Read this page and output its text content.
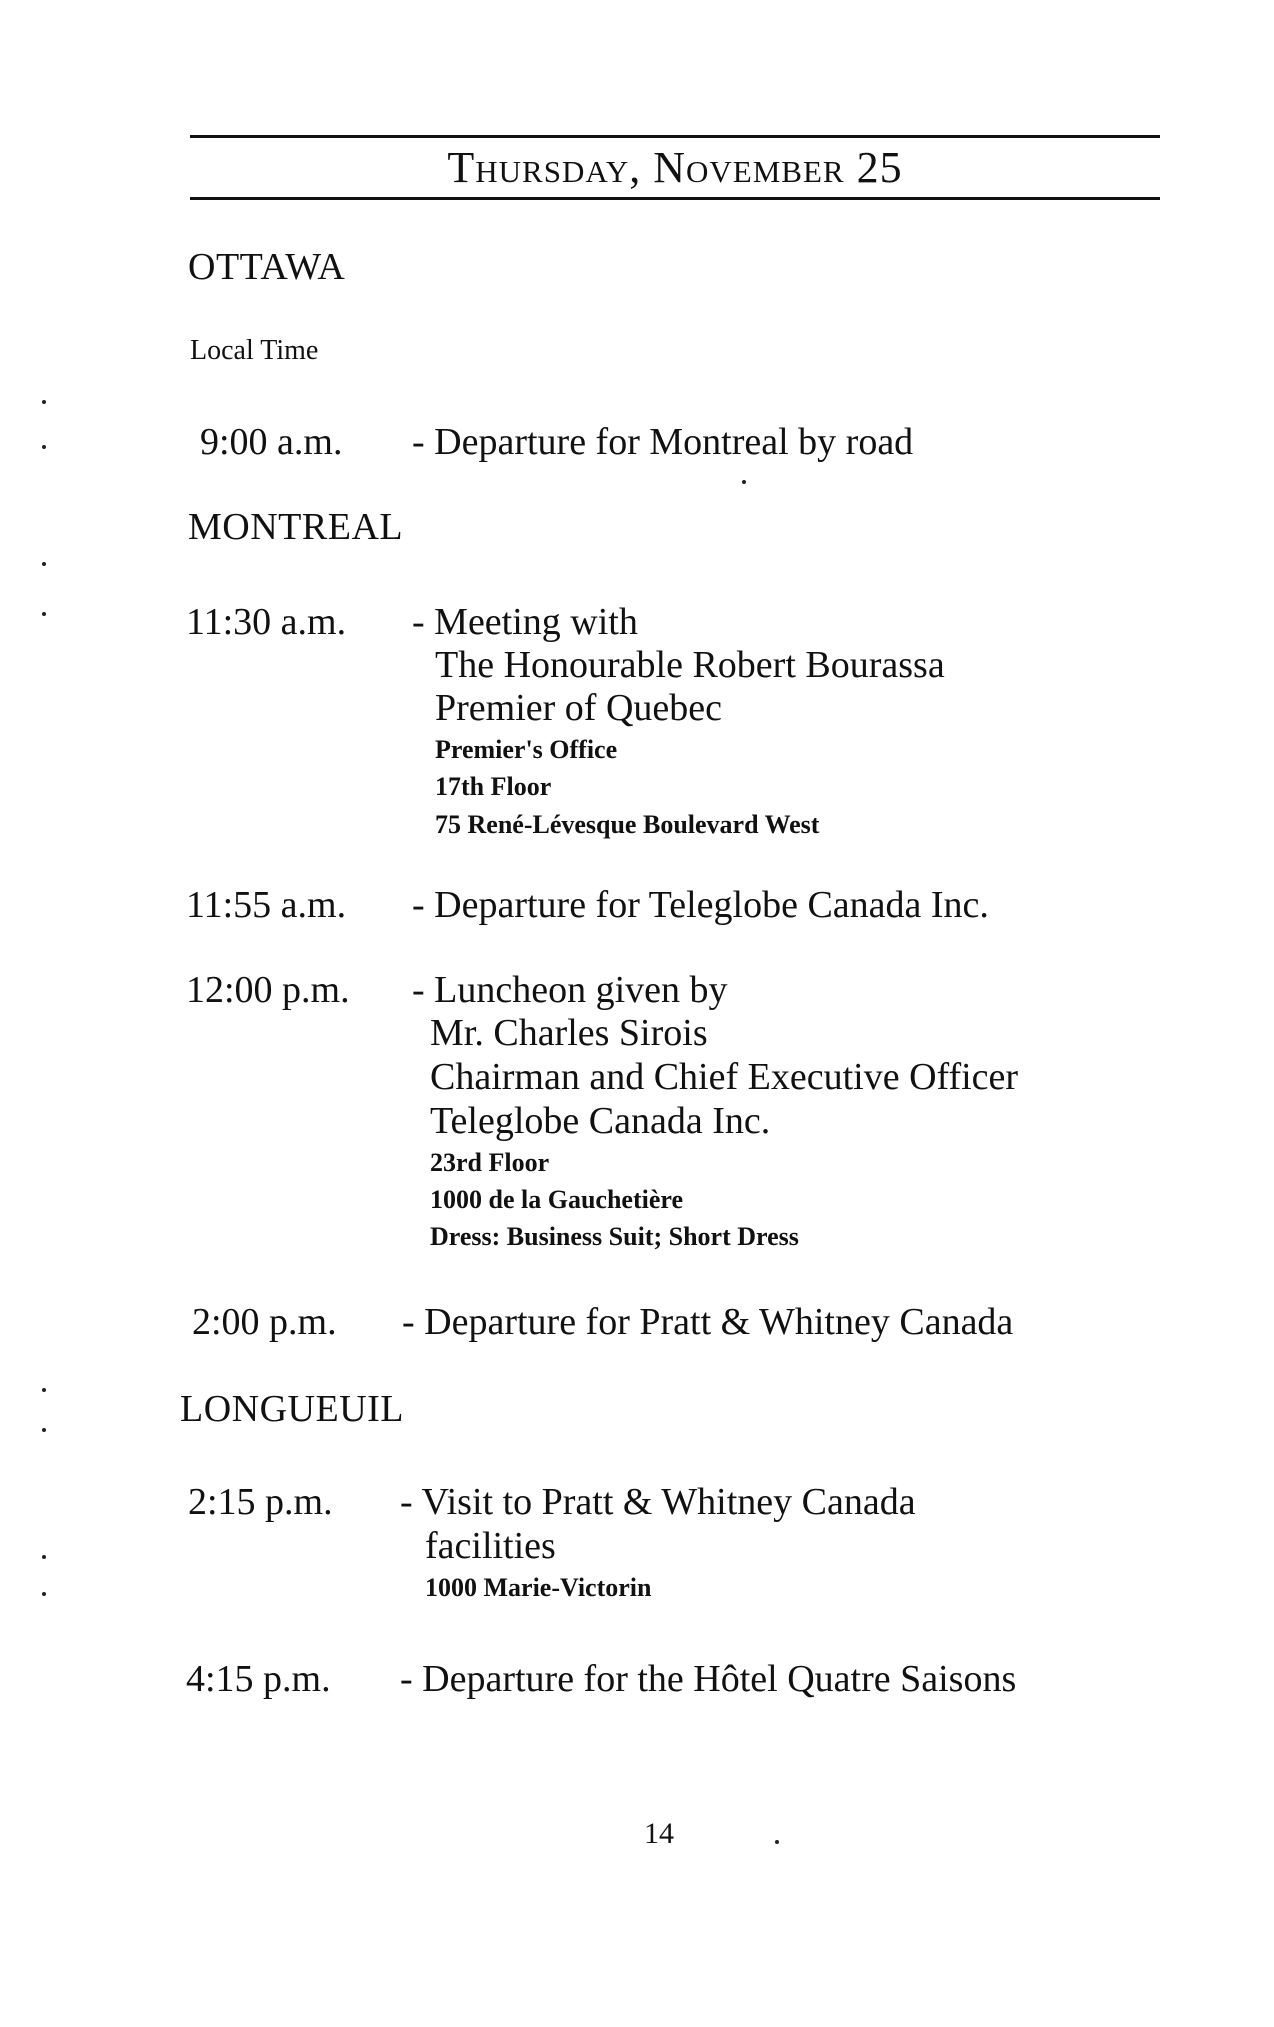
Thursday, November 25
OTTAWA
Local Time
9:00 a.m. - Departure for Montreal by road
MONTREAL
11:30 a.m. - Meeting with
The Honourable Robert Bourassa
Premier of Quebec
Premier's Office
17th Floor
75 René-Lévesque Boulevard West
11:55 a.m. - Departure for Teleglobe Canada Inc.
12:00 p.m. - Luncheon given by
Mr. Charles Sirois
Chairman and Chief Executive Officer
Teleglobe Canada Inc.
23rd Floor
1000 de la Gauchetière
Dress: Business Suit; Short Dress
2:00 p.m. - Departure for Pratt & Whitney Canada
LONGUEUIL
2:15 p.m. - Visit to Pratt & Whitney Canada
facilities
1000 Marie-Victorin
4:15 p.m. - Departure for the Hôtel Quatre Saisons
14
